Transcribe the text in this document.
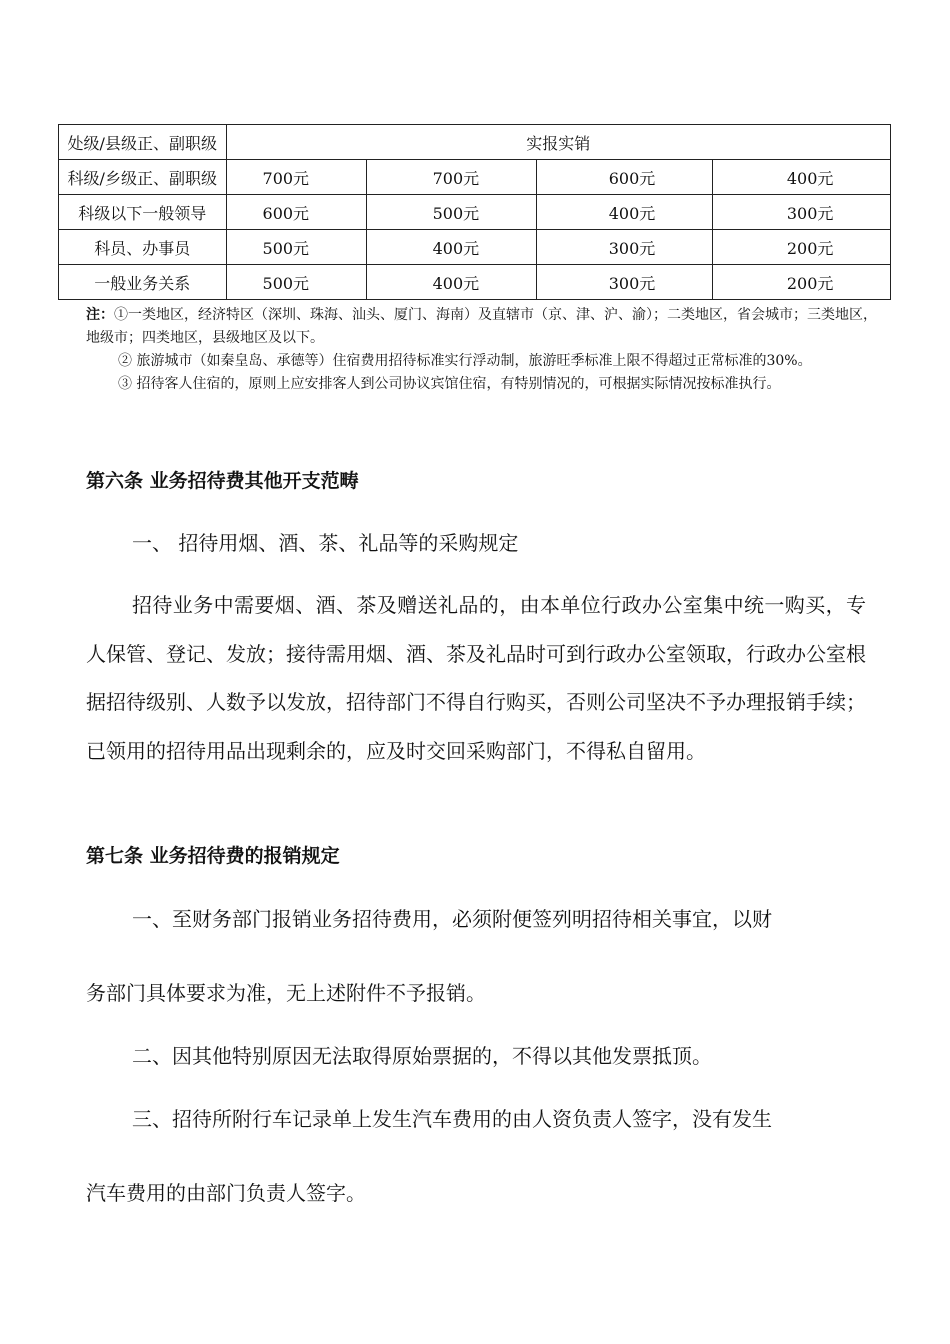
处级/县级正、副职级	实报实销			
科级/乡级正、副职级	700元	700元	600元	400元
科级以下一般领导	600元	500元	400元	300元
科员、办事员	500元	400元	300元	200元
一般业务关系	500元	400元	300元	200元

注：①一类地区，经济特区（深圳、珠海、汕头、厦门、海南）及直辖市（京、津、沪、渝）；二类地区，省会城市；三类地区，地级市；四类地区，县级地区及以下。

② 旅游城市（如秦皇岛、承德等）住宿费用招待标准实行浮动制，旅游旺季标准上限不得超过正常标准的30%。

③ 招待客人住宿的，原则上应安排客人到公司协议宾馆住宿，有特别情况的，可根据实际情况按标准执行。

第六条 业务招待费其他开支范畴
一、 招待用烟、酒、茶、礼品等的采购规定

招待业务中需要烟、酒、茶及赠送礼品的，由本单位行政办公室集中统一购买，专人保管、登记、发放；接待需用烟、酒、茶及礼品时可到行政办公室领取，行政办公室根据招待级别、人数予以发放，招待部门不得自行购买，否则公司坚决不予办理报销手续；已领用的招待用品出现剩余的，应及时交回采购部门，不得私自留用。

第七条 业务招待费的报销规定
一、至财务部门报销业务招待费用，必须附便签列明招待相关事宜，以财
务部门具体要求为准，无上述附件不予报销。
二、因其他特别原因无法取得原始票据的，不得以其他发票抵顶。
三、招待所附行车记录单上发生汽车费用的由人资负责人签字，没有发生
汽车费用的由部门负责人签字。
